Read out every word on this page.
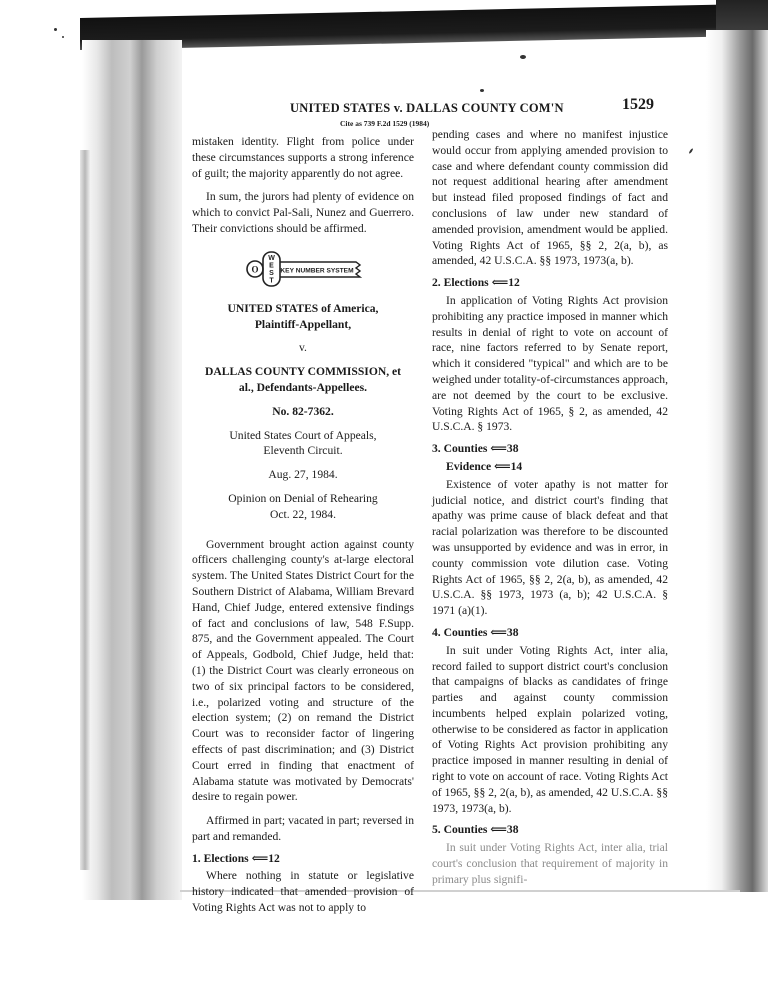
UNITED STATES v. DALLAS COUNTY COM'N
Cite as 739 F.2d 1529 (1984)
1529

mistaken identity. Flight from police under these circumstances supports a strong inference of guilt; the majority apparently do not agree.

In sum, the jurors had plenty of evidence on which to convict Pal-Sali, Nunez and Guerrero. Their convictions should be affirmed.

O
W
E
S
T
KEY NUMBER SYSTEM

UNITED STATES of America,

Plaintiff-Appellant,

v.

DALLAS COUNTY COMMISSION, et

al., Defendants-Appellees.

No. 82-7362.

United States Court of Appeals,

Eleventh Circuit.

Aug. 27, 1984.

Opinion on Denial of Rehearing

Oct. 22, 1984.

Government brought action against county officers challenging county's at-large electoral system. The United States District Court for the Southern District of Alabama, William Brevard Hand, Chief Judge, entered extensive findings of fact and conclusions of law, 548 F.Supp. 875, and the Government appealed. The Court of Appeals, Godbold, Chief Judge, held that: (1) the District Court was clearly erroneous on two of six principal factors to be considered, i.e., polarized voting and structure of the election system; (2) on remand the District Court was to reconsider factor of lingering effects of past discrimination; and (3) District Court erred in finding that enactment of Alabama statute was motivated by Democrats' desire to regain power.

Affirmed in part; vacated in part; reversed in part and remanded.

1. Elections ⟸12

Where nothing in statute or legislative history indicated that amended provision of Voting Rights Act was not to apply to

pending cases and where no manifest injustice would occur from applying amended provision to case and where defendant county commission did not request additional hearing after amendment but instead filed proposed findings of fact and conclusions of law under new standard of amended provision, amendment would be applied. Voting Rights Act of 1965, §§ 2, 2(a, b), as amended, 42 U.S.C.A. §§ 1973, 1973(a, b).

2. Elections ⟸12

In application of Voting Rights Act provision prohibiting any practice imposed in manner which results in denial of right to vote on account of race, nine factors referred to by Senate report, which it considered "typical" and which are to be weighed under totality-of-circumstances approach, are not deemed by the court to be exclusive. Voting Rights Act of 1965, § 2, as amended, 42 U.S.C.A. § 1973.

3. Counties ⟸38

Evidence ⟸14

Existence of voter apathy is not matter for judicial notice, and district court's finding that apathy was prime cause of black defeat and that racial polarization was therefore to be discounted was unsupported by evidence and was in error, in county commission vote dilution case. Voting Rights Act of 1965, §§ 2, 2(a, b), as amended, 42 U.S.C.A. §§ 1973, 1973 (a, b); 42 U.S.C.A. § 1971 (a)(1).

4. Counties ⟸38

In suit under Voting Rights Act, inter alia, record failed to support district court's conclusion that campaigns of blacks as candidates of fringe parties and against county commission incumbents helped explain polarized voting, otherwise to be considered as factor in application of Voting Rights Act provision prohibiting any practice imposed in manner resulting in denial of right to vote on account of race. Voting Rights Act of 1965, §§ 2, 2(a, b), as amended, 42 U.S.C.A. §§ 1973, 1973(a, b).

5. Counties ⟸38

In suit under Voting Rights Act, inter alia, trial court's conclusion that requirement of majority in primary plus signifi-
